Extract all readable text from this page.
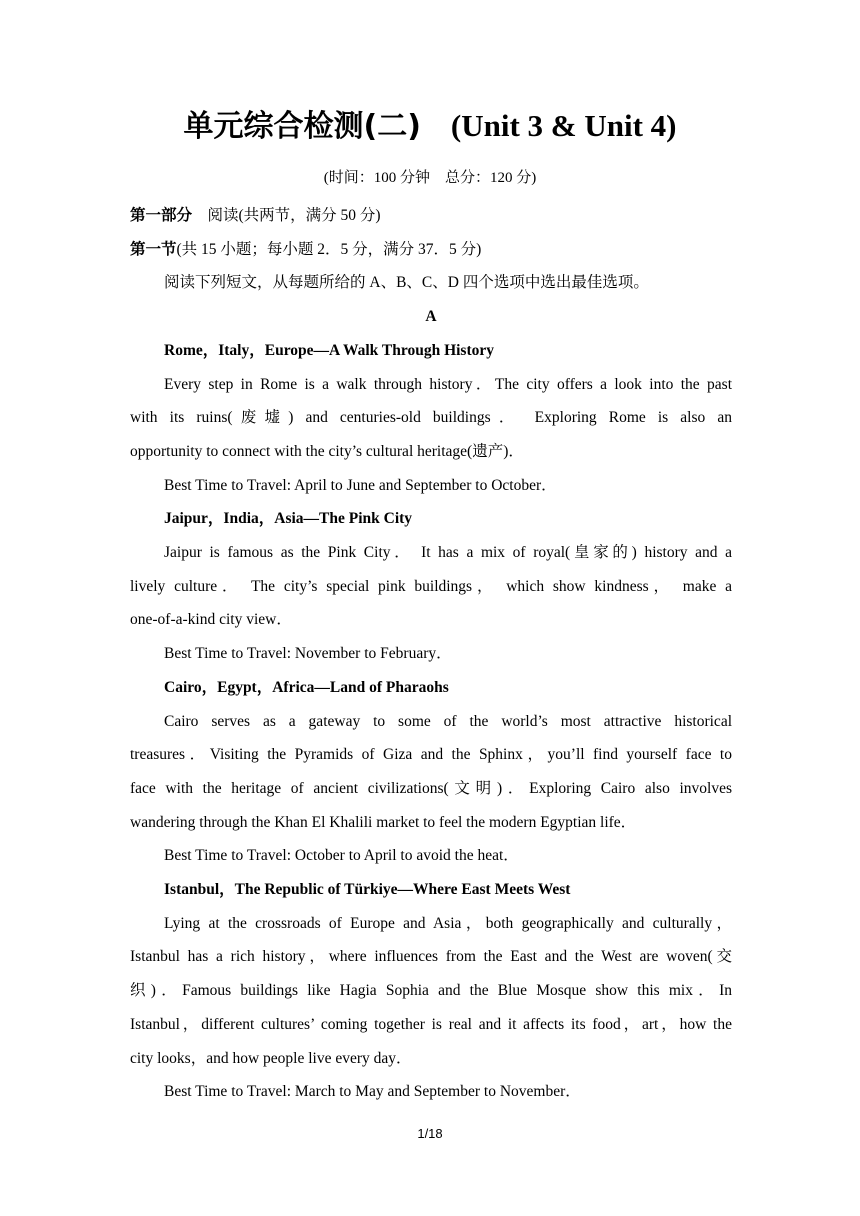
单元综合检测(二)　 (Unit 3 & Unit 4)
(时间：100 分钟　总分：120 分)
第一部分　阅读(共两节，满分 50 分)
第一节(共 15 小题；每小题 2．5 分，满分 37．5 分)
阅读下列短文，从每题所给的 A、B、C、D 四个选项中选出最佳选项。
A
Rome，Italy，Europe—A Walk Through History
Every step in Rome is a walk through history．The city offers a look into the past
with its ruins(废墟) and centuries-old buildings． Exploring Rome is also an
opportunity to connect with the city’s cultural heritage(遗产)．
Best Time to Travel: April to June and September to October．
Jaipur，India，Asia—The Pink City
Jaipur is famous as the Pink City． It has a mix of royal(皇家的) history and a
lively culture． The city’s special pink buildings， which show kindness， make a
one-of-a-kind city view．
Best Time to Travel: November to February．
Cairo，Egypt，Africa—Land of Pharaohs
Cairo serves as a gateway to some of the world’s most attractive historical
treasures．Visiting the Pyramids of Giza and the Sphinx，you’ll find yourself face to
face with the heritage of ancient civilizations(文明)．Exploring Cairo also involves
wandering through the Khan El Khalili market to feel the modern Egyptian life．
Best Time to Travel: October to April to avoid the heat．
Istanbul，The Republic of Türkiye—Where East Meets West
Lying at the crossroads of Europe and Asia，both geographically and culturally，
Istanbul has a rich history，where influences from the East and the West are woven(交
织)．Famous buildings like Hagia Sophia and the Blue Mosque show this mix．In
Istanbul，different cultures’ coming together is real and it affects its food，art，how the
city looks，and how people live every day．
Best Time to Travel: March to May and September to November．
1/18
